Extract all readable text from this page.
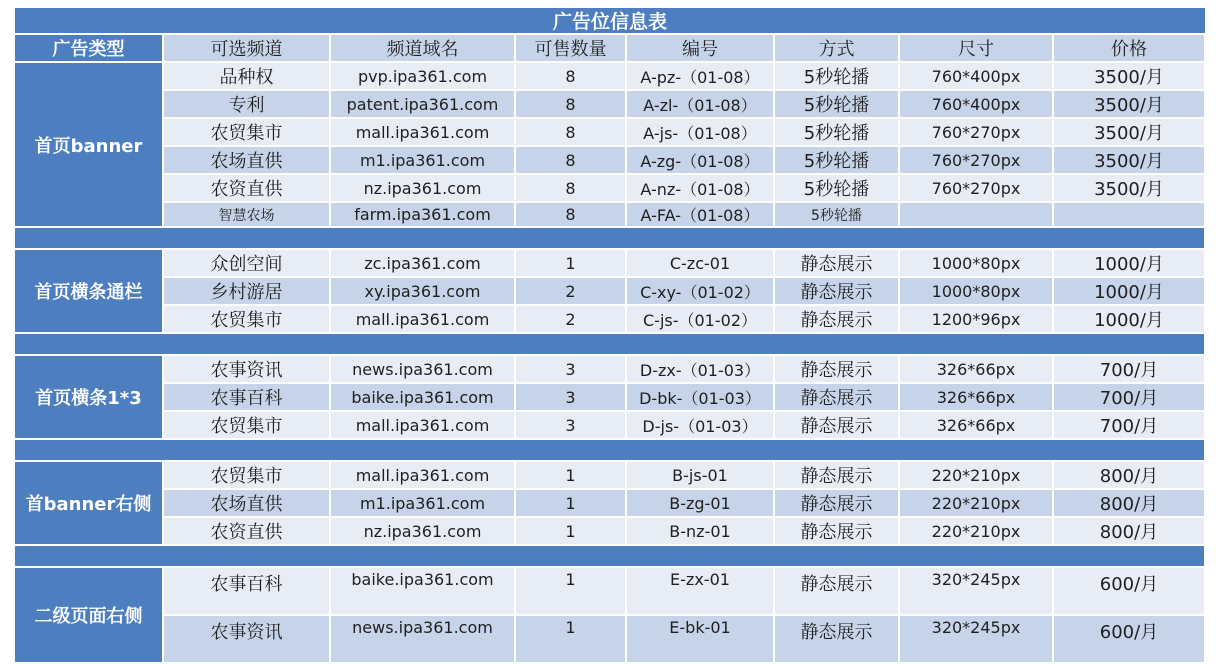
广告位信息表
广告类型	可选频道	频道域名	可售数量	编号	方式	尺寸	价格
首页banner	品种权	pvp.ipa361.com	8	A-pz-（01-08）	5秒轮播	760*400px	3500/月
	专利	patent.ipa361.com	8	A-zl-（01-08）	5秒轮播	760*400px	3500/月
	农贸集市	mall.ipa361.com	8	A-js-（01-08）	5秒轮播	760*270px	3500/月
	农场直供	m1.ipa361.com	8	A-zg-（01-08）	5秒轮播	760*270px	3500/月
	农资直供	nz.ipa361.com	8	A-nz-（01-08）	5秒轮播	760*270px	3500/月
	智慧农场	farm.ipa361.com	8	A-FA-（01-08）	5秒轮播		

首页横条通栏	众创空间	zc.ipa361.com	1	C-zc-01	静态展示	1000*80px	1000/月
	乡村游居	xy.ipa361.com	2	C-xy-（01-02）	静态展示	1000*80px	1000/月
	农贸集市	mall.ipa361.com	2	C-js-（01-02）	静态展示	1200*96px	1000/月

首页横条1*3	农事资讯	news.ipa361.com	3	D-zx-（01-03）	静态展示	326*66px	700/月
	农事百科	baike.ipa361.com	3	D-bk-（01-03）	静态展示	326*66px	700/月
	农贸集市	mall.ipa361.com	3	D-js-（01-03）	静态展示	326*66px	700/月

首banner右侧	农贸集市	mall.ipa361.com	1	B-js-01	静态展示	220*210px	800/月
	农场直供	m1.ipa361.com	1	B-zg-01	静态展示	220*210px	800/月
	农资直供	nz.ipa361.com	1	B-nz-01	静态展示	220*210px	800/月

二级页面右侧	农事百科	baike.ipa361.com	1	E-zx-01	静态展示	320*245px	600/月
	农事资讯	news.ipa361.com	1	E-bk-01	静态展示	320*245px	600/月
